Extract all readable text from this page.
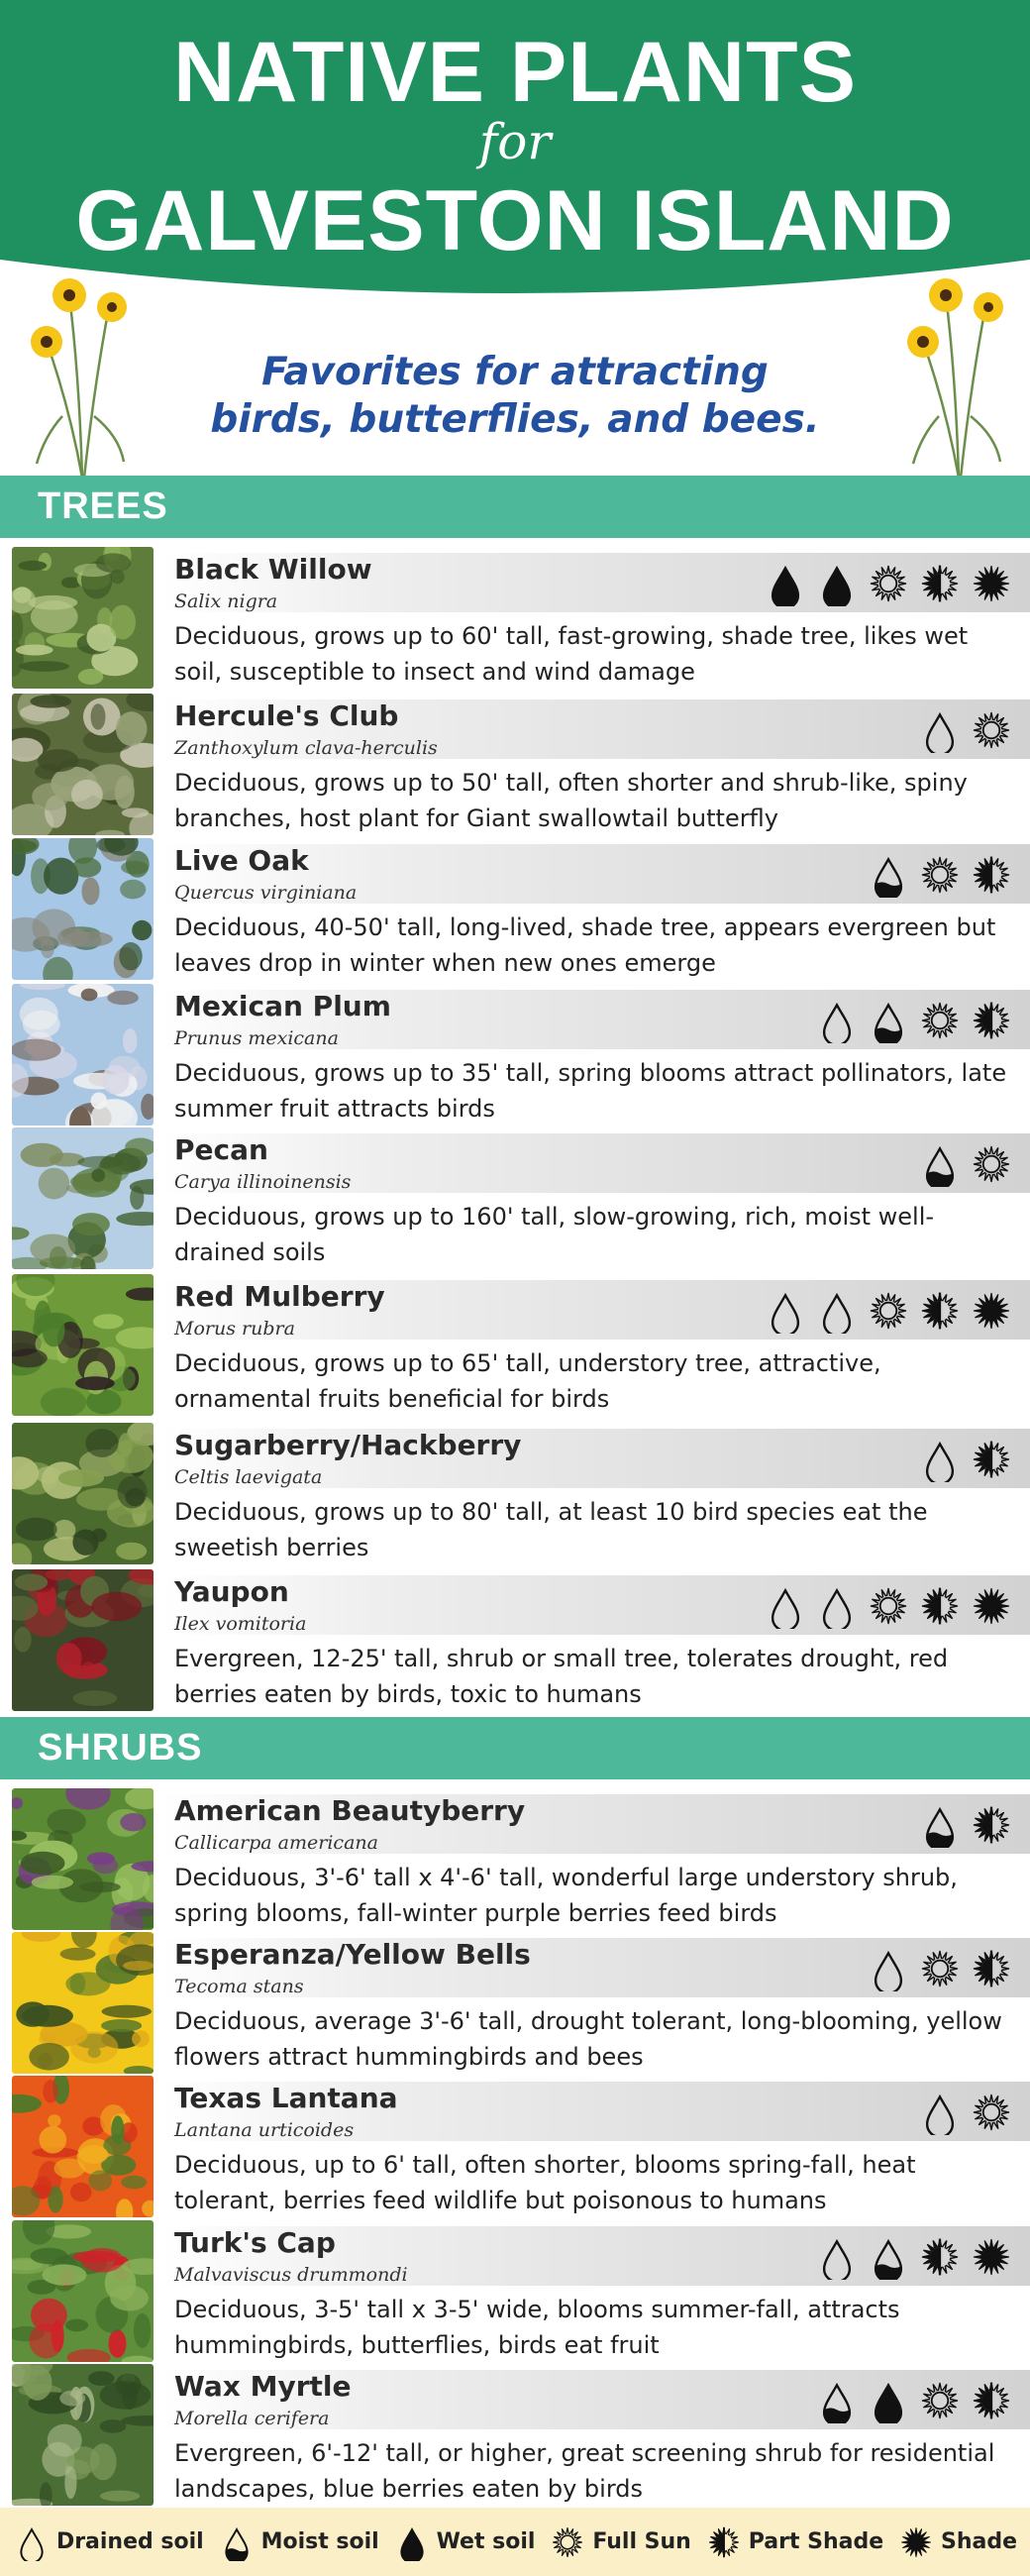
NATIVE PLANTS
for
GALVESTON ISLAND
Favorites for attracting
birds, butterflies, and bees.
TREES
Black Willow
Salix nigra
Deciduous, grows up to 60' tall, fast-growing, shade tree, likes wet soil, susceptible to insect and wind damage
Hercule's Club
Zanthoxylum clava-herculis
Deciduous, grows up to 50' tall, often shorter and shrub-like, spiny branches, host plant for Giant swallowtail butterfly
Live Oak
Quercus virginiana
Deciduous, 40-50' tall, long-lived, shade tree, appears evergreen but leaves drop in winter when new ones emerge
Mexican Plum
Prunus mexicana
Deciduous, grows up to 35' tall, spring blooms attract pollinators, late summer fruit attracts birds
Pecan
Carya illinoinensis
Deciduous, grows up to 160' tall, slow-growing, rich, moist well-drained soils
Red Mulberry
Morus rubra
Deciduous, grows up to 65' tall, understory tree, attractive, ornamental fruits beneficial for birds
Sugarberry/Hackberry
Celtis laevigata
Deciduous, grows up to 80' tall, at least 10 bird species eat the sweetish berries
Yaupon
Ilex vomitoria
Evergreen, 12-25' tall, shrub or small tree, tolerates drought, red berries eaten by birds, toxic to humans
SHRUBS
American Beautyberry
Callicarpa americana
Deciduous, 3'-6' tall x 4'-6' tall, wonderful large understory shrub, spring blooms, fall-winter purple berries feed birds
Esperanza/Yellow Bells
Tecoma stans
Deciduous, average 3'-6' tall, drought tolerant, long-blooming, yellow flowers attract hummingbirds and bees
Texas Lantana
Lantana urticoides
Deciduous, up to 6' tall, often shorter, blooms spring-fall, heat tolerant, berries feed wildlife but poisonous to humans
Turk's Cap
Malvaviscus drummondi
Deciduous, 3-5' tall x 3-5' wide, blooms summer-fall, attracts hummingbirds, butterflies, birds eat fruit
Wax Myrtle
Morella cerifera
Evergreen, 6'-12' tall, or higher, great screening shrub for residential landscapes, blue berries eaten by birds
Drained soil	Moist soil	Wet soil	Full Sun	Part Shade	Shade
